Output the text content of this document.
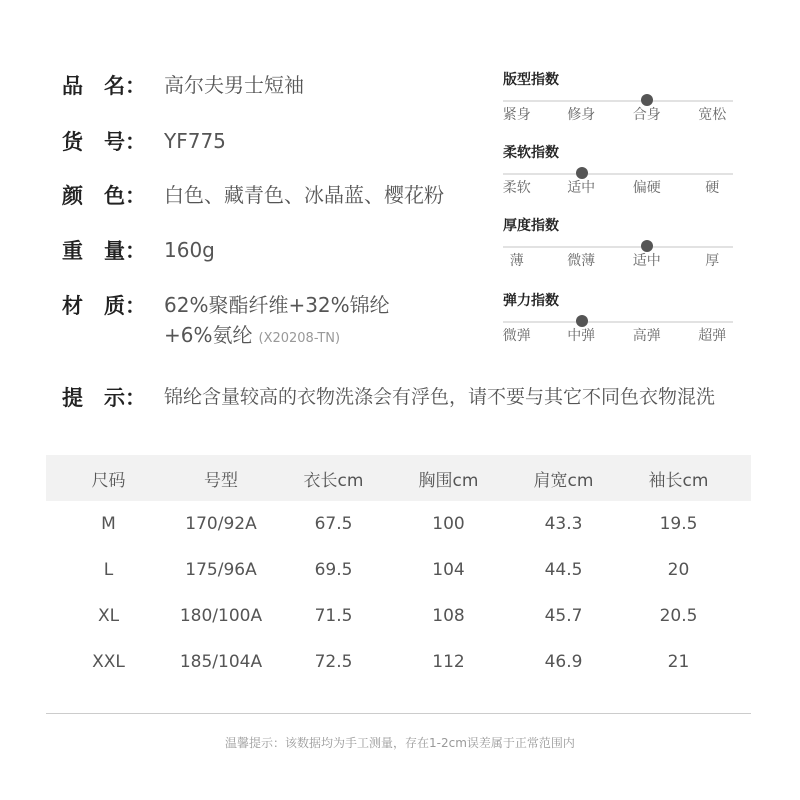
品 名： 高尔夫男士短袖
货 号： YF775
颜 色： 白色、藏青色、冰晶蓝、樱花粉
重 量： 160g
材 质： 62%聚酯纤维+32%锦纶
+6%氨纶 (X20208-TN)
版型指数
紧身	修身	合身	宽松
柔软指数
柔软	适中	偏硬	硬
厚度指数
薄	微薄	适中	厚
弹力指数
微弹	中弹	高弹	超弹
提 示： 锦纶含量较高的衣物洗涤会有浮色，请不要与其它不同色衣物混洗
尺码	号型	衣长cm	胸围cm	肩宽cm	袖长cm
M	170/92A	67.5	100	43.3	19.5
L	175/96A	69.5	104	44.5	20
XL	180/100A	71.5	108	45.7	20.5
XXL	185/104A	72.5	112	46.9	21
温馨提示：该数据均为手工测量，存在1-2cm误差属于正常范围内
